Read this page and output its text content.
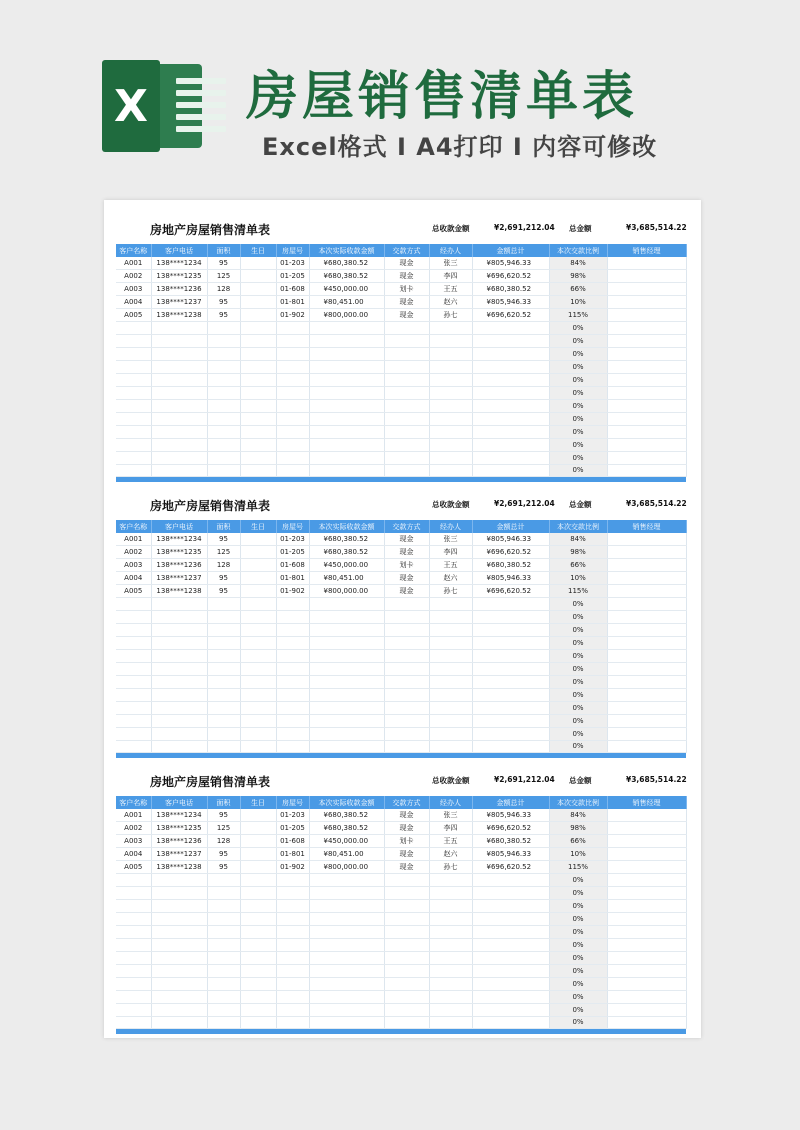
X 房屋销售清单表
Excel格式 I A4打印 I 内容可修改
房地产房屋销售清单表	总收款金额	¥2,691,212.04 总金额	¥3,685,514.22
客户名称	客户电话	面积	生日	房屋号	本次实际收款金额	交款方式	经办人	金额总计	本次交款比例	销售经理
A001	138****1234	95		01-203	¥680,380.52	现金	张三	¥805,946.33	84%	
A002	138****1235	125		01-205	¥680,380.52	现金	李四	¥696,620.52	98%	
A003	138****1236	128		01-608	¥450,000.00	划卡	王五	¥680,380.52	66%	
A004	138****1237	95		01-801	¥80,451.00	现金	赵六	¥805,946.33	10%	
A005	138****1238	95		01-902	¥800,000.00	现金	孙七	¥696,620.52	115%	
									0%	
									0%	
									0%	
									0%	
									0%	
									0%	
									0%	
									0%	
									0%	
									0%	
									0%	
									0%	
房地产房屋销售清单表	总收款金额	¥2,691,212.04 总金额	¥3,685,514.22
客户名称	客户电话	面积	生日	房屋号	本次实际收款金额	交款方式	经办人	金额总计	本次交款比例	销售经理
A001	138****1234	95		01-203	¥680,380.52	现金	张三	¥805,946.33	84%	
A002	138****1235	125		01-205	¥680,380.52	现金	李四	¥696,620.52	98%	
A003	138****1236	128		01-608	¥450,000.00	划卡	王五	¥680,380.52	66%	
A004	138****1237	95		01-801	¥80,451.00	现金	赵六	¥805,946.33	10%	
A005	138****1238	95		01-902	¥800,000.00	现金	孙七	¥696,620.52	115%	
									0%	
									0%	
									0%	
									0%	
									0%	
									0%	
									0%	
									0%	
									0%	
									0%	
									0%	
									0%	
房地产房屋销售清单表	总收款金额	¥2,691,212.04 总金额	¥3,685,514.22
客户名称	客户电话	面积	生日	房屋号	本次实际收款金额	交款方式	经办人	金额总计	本次交款比例	销售经理
A001	138****1234	95		01-203	¥680,380.52	现金	张三	¥805,946.33	84%	
A002	138****1235	125		01-205	¥680,380.52	现金	李四	¥696,620.52	98%	
A003	138****1236	128		01-608	¥450,000.00	划卡	王五	¥680,380.52	66%	
A004	138****1237	95		01-801	¥80,451.00	现金	赵六	¥805,946.33	10%	
A005	138****1238	95		01-902	¥800,000.00	现金	孙七	¥696,620.52	115%	
									0%	
									0%	
									0%	
									0%	
									0%	
									0%	
									0%	
									0%	
									0%	
									0%	
									0%	
									0%	
